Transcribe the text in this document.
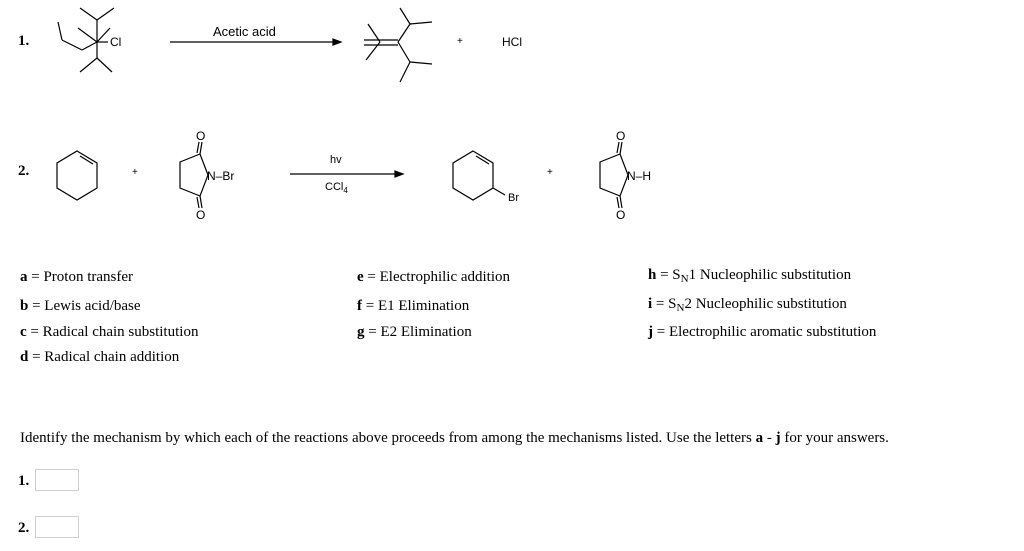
1.	Cl
Acetic acid
+	HCl
2.	+
O
N–Br
O
hv
CCl$_4$
Br
+
O
N–H
O
a = Proton transfer
b = Lewis acid/base
c = Radical chain substitution
d = Radical chain addition
e = Electrophilic addition
f = E1 Elimination
g = E2 Elimination
$h = S_N1$ Nucleophilic substitution
$i = S_N2$ Nucleophilic substitution
j = Electrophilic aromatic substitution
Identify the mechanism by which each of the reactions above proceeds from among the mechanisms listed. Use the letters a - j for your answers.
1.
2.
